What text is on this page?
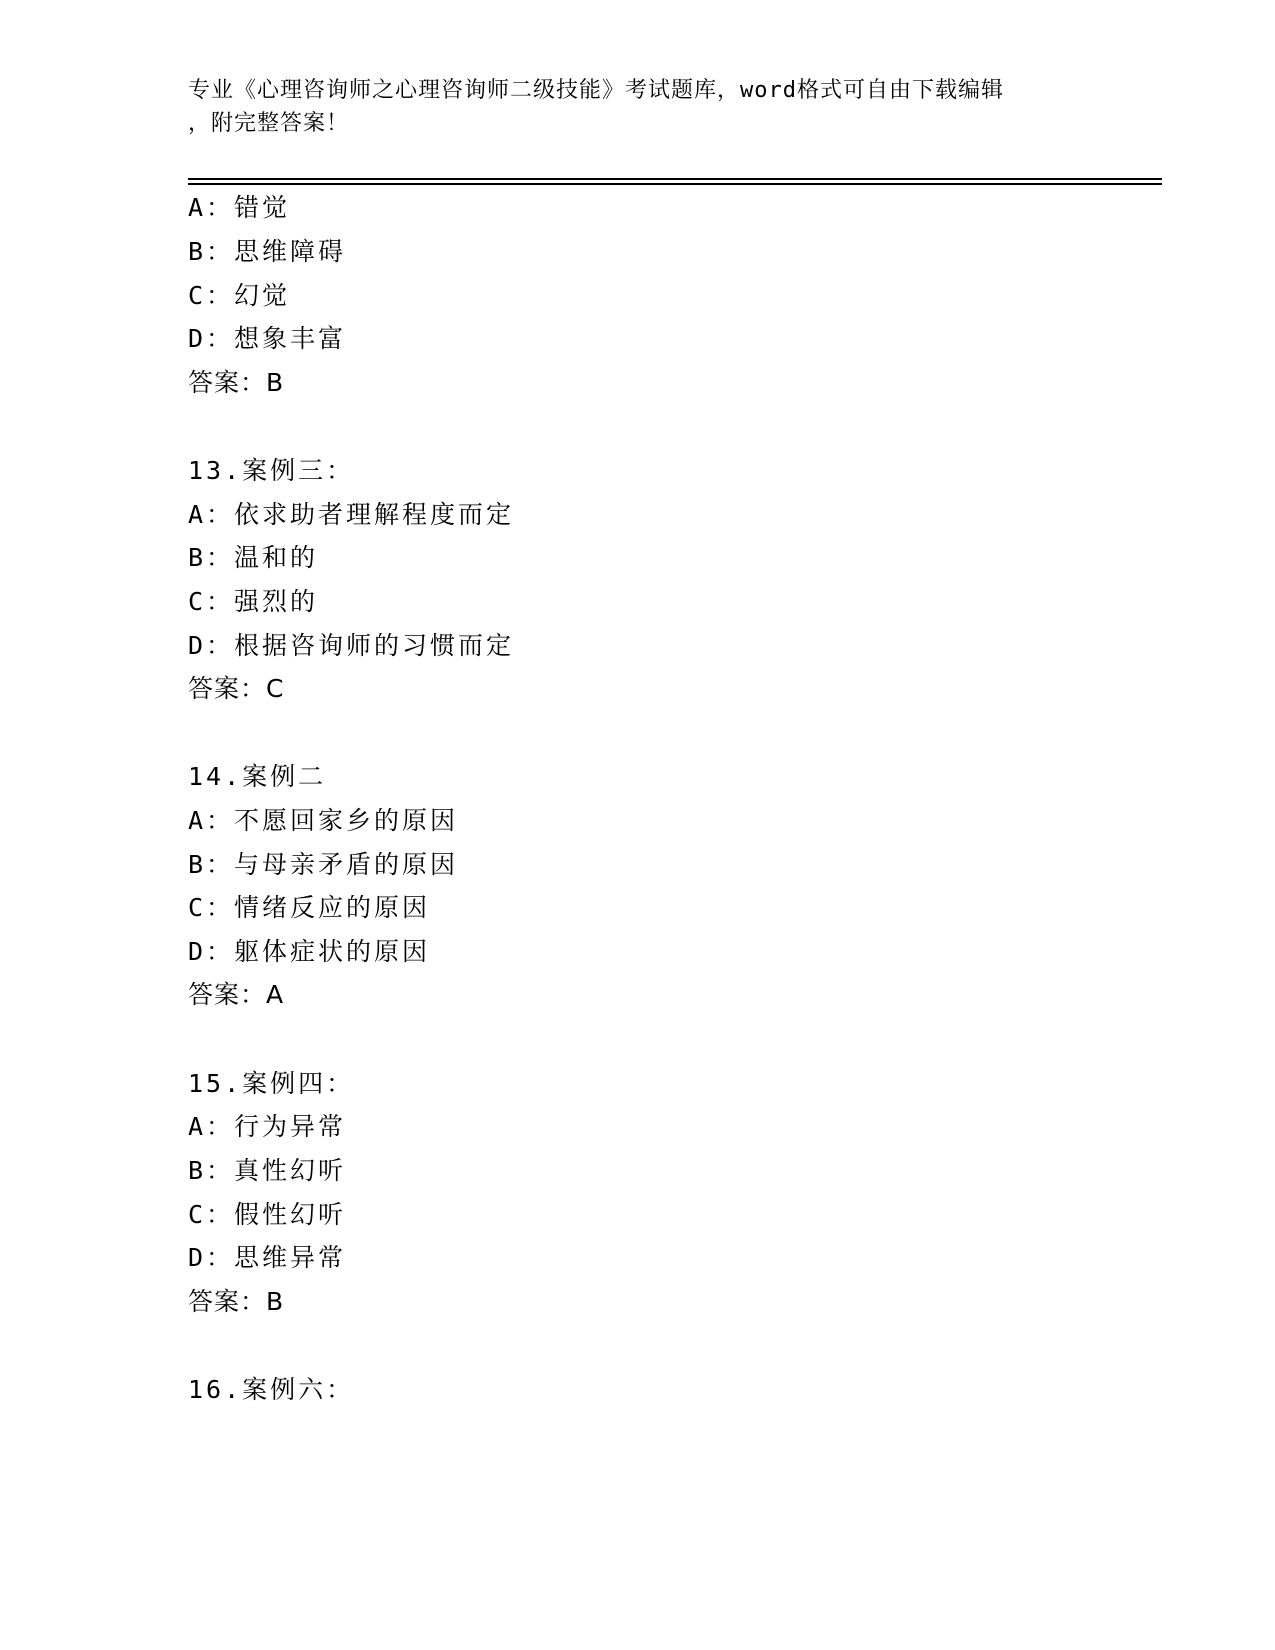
专业《心理咨询师之心理咨询师二级技能》考试题库，word格式可自由下载编辑
，附完整答案！
A：错觉
B：思维障碍
C：幻觉
D：想象丰富
答案：B
13.案例三：
A：依求助者理解程度而定
B：温和的
C：强烈的
D：根据咨询师的习惯而定
答案：C
14.案例二
A：不愿回家乡的原因
B：与母亲矛盾的原因
C：情绪反应的原因
D：躯体症状的原因
答案：A
15.案例四：
A：行为异常
B：真性幻听
C：假性幻听
D：思维异常
答案：B
16.案例六：
